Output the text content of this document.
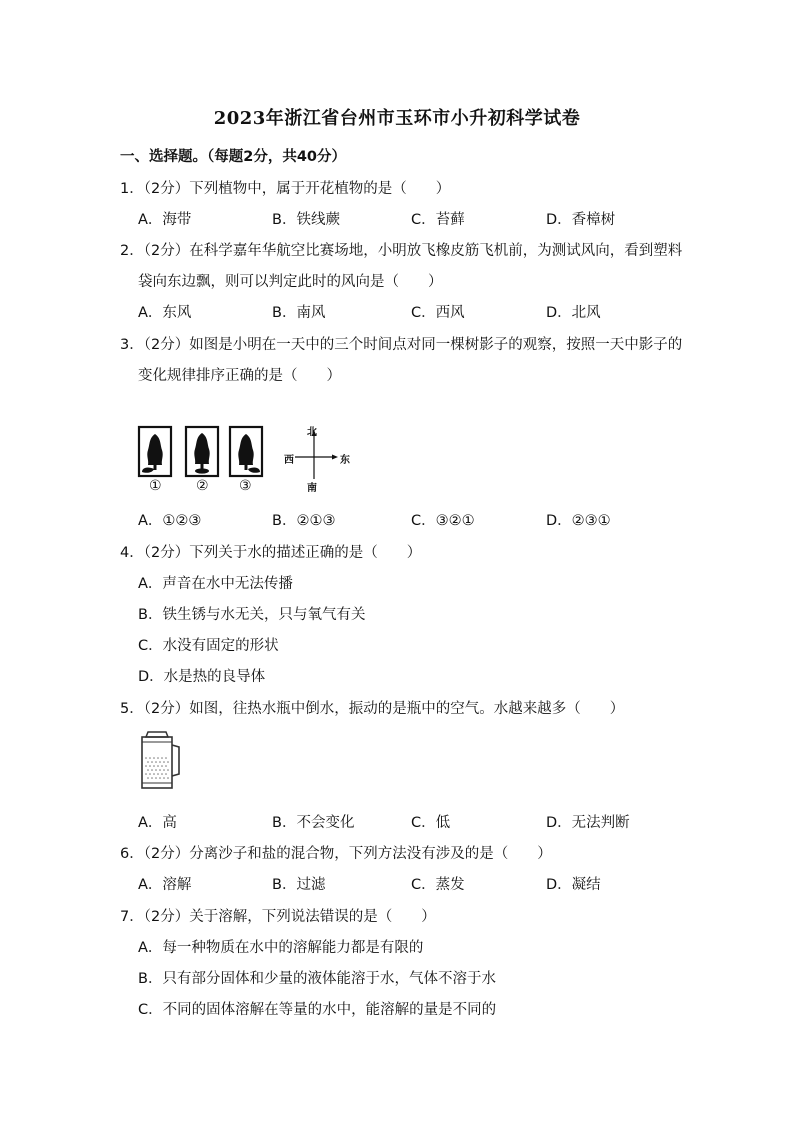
2023年浙江省台州市玉环市小升初科学试卷
一、选择题。（每题2分，共40分）
1．（2分）下列植物中，属于开花植物的是（　　）
A．海带	B．铁线蕨	C．苔藓	D．香樟树
2．（2分）在科学嘉年华航空比赛场地，小明放飞橡皮筋飞机前，为测试风向，看到塑料
袋向东边飘，则可以判定此时的风向是（　　）
A．东风	B．南风	C．西风	D．北风
3．（2分）如图是小明在一天中的三个时间点对同一棵树影子的观察，按照一天中影子的
变化规律排序正确的是（　　）
① ② ③
北
西	东
南
A．①②③	B．②①③	C．③②①	D．②③①
4．（2分）下列关于水的描述正确的是（　　）
A．声音在水中无法传播
B．铁生锈与水无关，只与氧气有关
C．水没有固定的形状
D．水是热的良导体
5．（2分）如图，往热水瓶中倒水，振动的是瓶中的空气。水越来越多（　　）
A．高	B．不会变化	C．低	D．无法判断
6．（2分）分离沙子和盐的混合物，下列方法没有涉及的是（　　）
A．溶解	B．过滤	C．蒸发	D．凝结
7．（2分）关于溶解，下列说法错误的是（　　）
A．每一种物质在水中的溶解能力都是有限的
B．只有部分固体和少量的液体能溶于水，气体不溶于水
C．不同的固体溶解在等量的水中，能溶解的量是不同的
